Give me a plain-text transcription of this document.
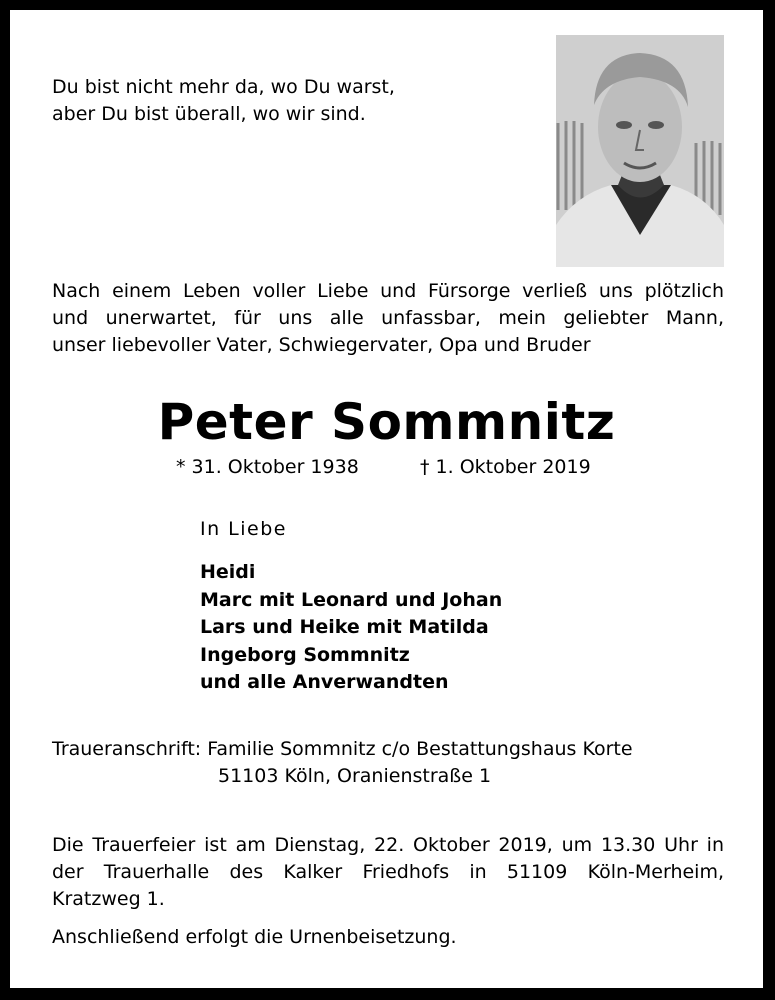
Du bist nicht mehr da, wo Du warst,
aber Du bist überall, wo wir sind.
Nach einem Leben voller Liebe und Fürsorge verließ uns plötzlich
und unerwartet, für uns alle unfassbar, mein geliebter Mann,
unser liebevoller Vater, Schwiegervater, Opa und Bruder
Peter Sommnitz
* 31. Oktober 1938	† 1. Oktober 2019
In Liebe
Heidi
Marc mit Leonard und Johan
Lars und Heike mit Matilda
Ingeborg Sommnitz
und alle Anverwandten
Traueranschrift: Familie Sommnitz c/o Bestattungshaus Korte
51103 Köln, Oranienstraße 1
Die Trauerfeier ist am Dienstag, 22. Oktober 2019, um 13.30 Uhr in
der Trauerhalle des Kalker Friedhofs in 51109 Köln-Merheim,
Kratzweg 1.
Anschließend erfolgt die Urnenbeisetzung.
